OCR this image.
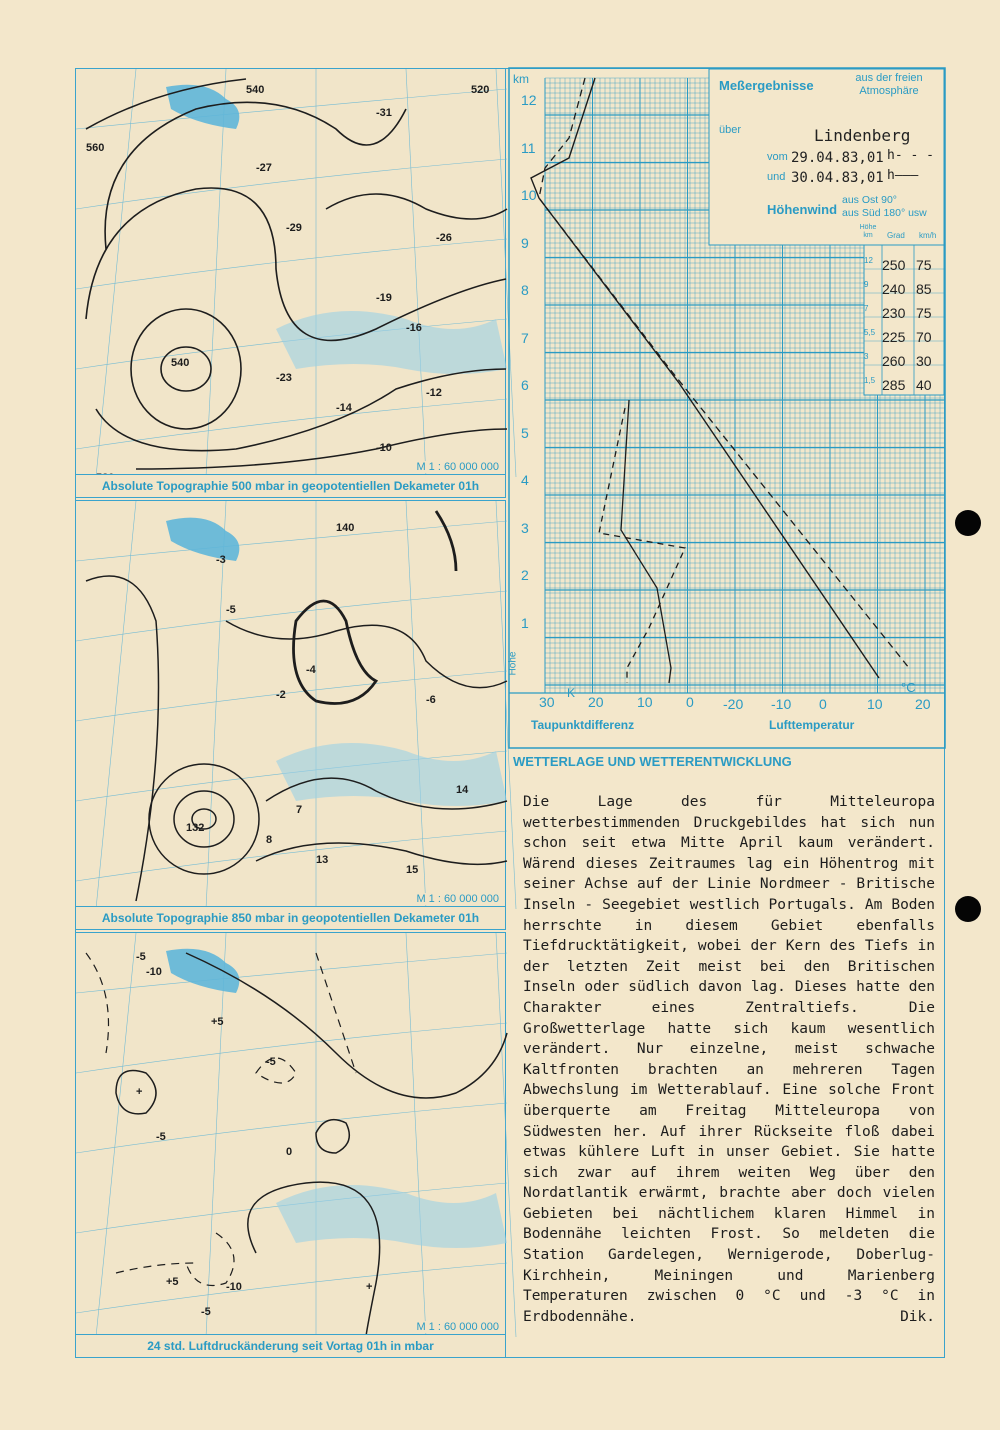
540
560
540
520
-31
-27
-29
-26
-23
-19
-16
-12
-14
-10
M 1 : 60 000 000
Absolute Topographie 500 mbar in geopotentiellen Dekameter 01h
140
132
-3
-5
-2
-4
-6
7
8
13
14
15
M 1 : 60 000 000
Absolute Topographie 850 mbar in geopotentiellen Dekameter 01h
-5
-10
+5
-5
+
-5
0
+5	-10
-5
+
M 1 : 60 000 000
24 std. Luftdruckänderung seit Vortag 01h in mbar
Meßergebnisse	aus der freien Atmosphäre
über	Lindenberg
vom 29.04.83,01 h- - -
und 30.04.83,01 h———
Höhenwind
aus Ost 90°
aus Süd 180° usw
Höhe km	Grad km/h
12 250 75
9 240 85
7 230 75
5,5 225 70
3 260 30
1,5 285 40
km
12
11
10
9
8
7
6
5
4
3
2
1
Höhe
30 20 10 0
K
-20 -10 0	10 20
°C
Taupunktdifferenz	Lufttemperatur
WETTERLAGE UND WETTERENTWICKLUNG
Die Lage des für Mitteleuropa wetterbestimmenden Druckgebildes hat sich nun schon seit etwa Mitte April kaum verändert. Wärend dieses Zeitraumes lag ein Höhentrog mit seiner Achse auf der Linie Nordmeer - Britische Inseln - Seegebiet westlich Portugals. Am Boden herrschte in diesem Gebiet ebenfalls Tiefdrucktätigkeit, wobei der Kern des Tiefs in der letzten Zeit meist bei den Britischen Inseln oder südlich davon lag. Dieses hatte den Charakter eines Zentraltiefs. Die Großwetterlage hatte sich kaum wesentlich verändert. Nur einzelne, meist schwache Kaltfronten brachten an mehreren Tagen Abwechslung im Wetterablauf. Eine solche Front überquerte am Freitag Mitteleuropa von Südwesten her. Auf ihrer Rückseite floß dabei etwas kühlere Luft in unser Gebiet. Sie hatte sich zwar auf ihrem weiten Weg über den Nordatlantik erwärmt, brachte aber doch vielen Gebieten bei nächtlichem klaren Himmel in Bodennähe leichten Frost. So meldeten die Station Gardelegen, Wernigerode, Doberlug- Kirchhein, Meiningen und Marienberg Temperaturen zwischen 0 °C und -3 °C in Erdbodennähe.	Dik.
